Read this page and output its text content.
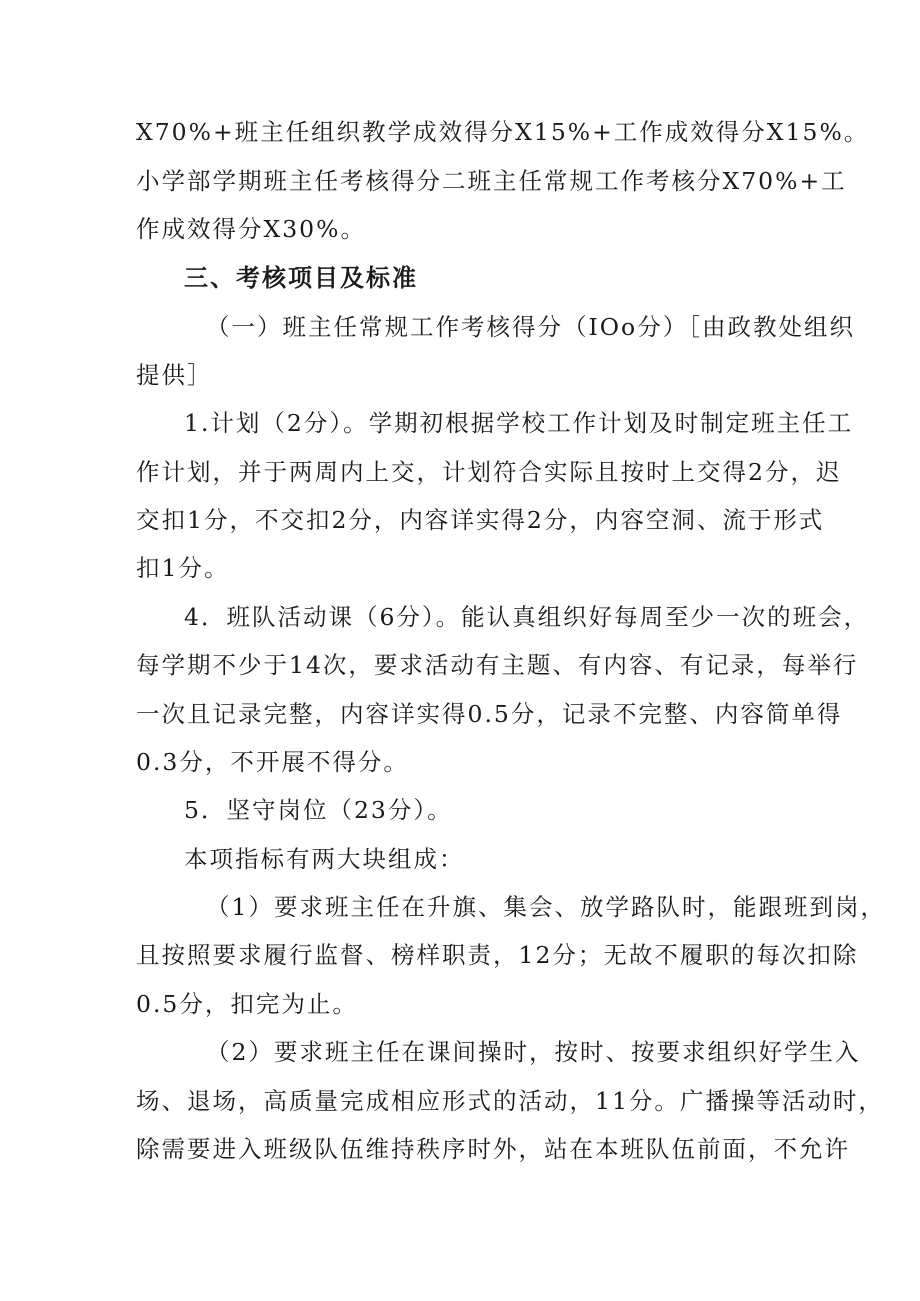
X70%+班主任组织教学成效得分X15%+工作成效得分X15%。
小学部学期班主任考核得分二班主任常规工作考核分X70%+工
作成效得分X30%。
三、考核项目及标准
（一）班主任常规工作考核得分（IOo分）［由政教处组织
提供］
1.计划（2分）。学期初根据学校工作计划及时制定班主任工
作计划，并于两周内上交，计划符合实际且按时上交得2分，迟
交扣1分，不交扣2分，内容详实得2分，内容空洞、流于形式
扣1分。
4．班队活动课（6分）。能认真组织好每周至少一次的班会，
每学期不少于14次，要求活动有主题、有内容、有记录，每举行
一次且记录完整，内容详实得0.5分，记录不完整、内容简单得
0.3分，不开展不得分。
5．坚守岗位（23分）。
本项指标有两大块组成：
（1）要求班主任在升旗、集会、放学路队时，能跟班到岗，
且按照要求履行监督、榜样职责，12分；无故不履职的每次扣除
0.5分，扣完为止。
（2）要求班主任在课间操时，按时、按要求组织好学生入
场、退场，高质量完成相应形式的活动，11分。广播操等活动时，
除需要进入班级队伍维持秩序时外，站在本班队伍前面，不允许
